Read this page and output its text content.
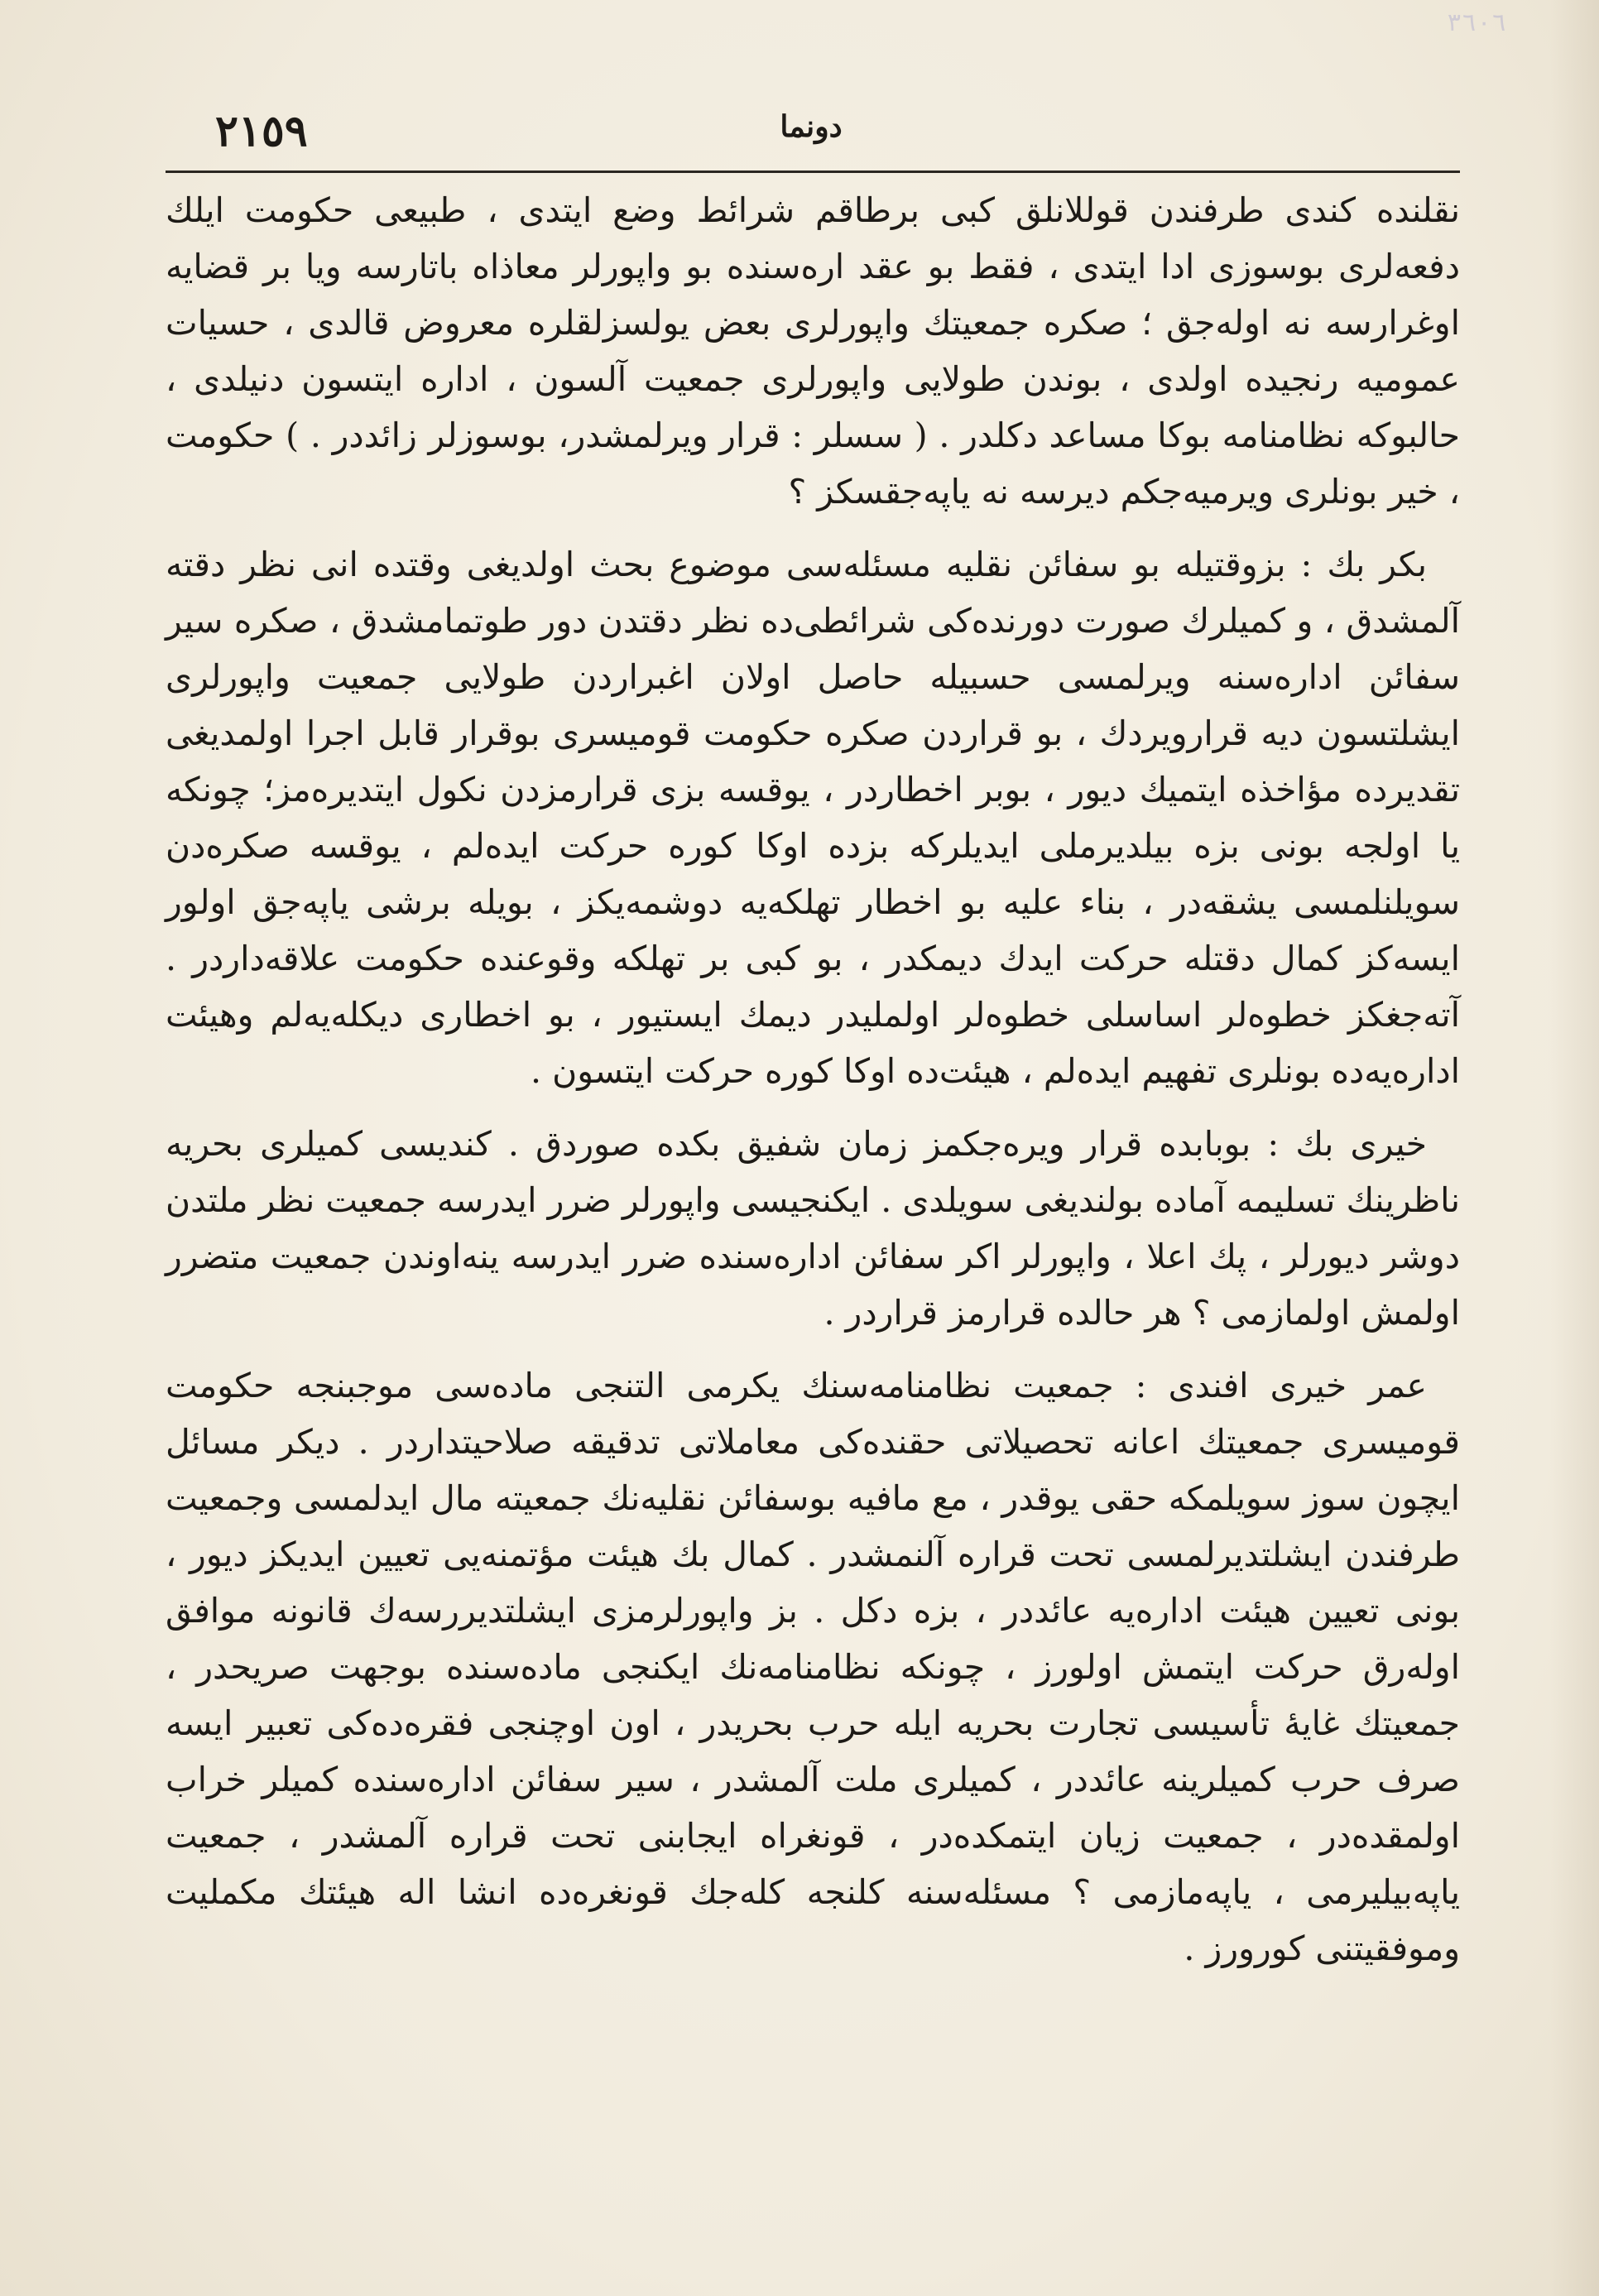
٣٦٠٦
٢١٥٩	دونما

نقلنده کندی طرفندن قوللانلق کبی برطاقم شرائط وضع ایتدی ، طبیعی حکومت ایلك دفعه‌لری بوسوزی ادا ایتدی ، فقط بو عقد اره‌سنده بو واپورلر معاذاه باتارسه ویا بر قضایه اوغرارسه نه اوله‌جق ؛ صکره جمعیتك واپورلری بعض یولسزلقلره معروض قالدی ، حسیات عمومیه رنجیده اولدی ، بوندن طولایی واپورلری جمعیت آلسون ، اداره ایتسون دنیلدی ، حالبوکه نظامنامه بوکا مساعد دکلدر . ( سسلر : قرار ویرلمشدر، بوسوزلر زائددر . ) حکومت ، خیر بونلری ویرمیه‌جکم دیرسه نه یاپه‌جقسکز ؟

بکر بك : بزوقتیله بو سفائن نقلیه مسئله‌سی موضوع بحث اولدیغی وقتده انی نظر دقته آلمشدق ، و کمیلرك صورت دورنده‌کی شرائطی‌ده نظر دقتدن دور طوتمامشدق ، صکره سیر سفائن اداره‌سنه ویرلمسی حسبیله حاصل اولان اغبراردن طولایی جمعیت واپورلری ایشلتسون دیه قرارویردك ، بو قراردن صکره حکومت قومیسری بوقرار قابل اجرا اولمدیغی تقدیرده مؤاخذه ایتمیك دیور ، بوبر اخطاردر ، یوقسه بزی قرارمزدن نکول ایتدیره‌مز؛ چونکه یا اولجه بونی بزه بیلدیرملی ایدیلرکه بزده اوکا کوره حرکت ایده‌لم ، یوقسه صکره‌دن سویلنلمسی یشقه‌در ، بناء علیه بو اخطار تهلکه‌یه دوشمه‌یکز ، بویله برشی یاپه‌جق اولور ایسه‌کز کمال دقتله حرکت ایدك دیمکدر ، بو کبی بر تهلکه وقوعنده حکومت علاقه‌داردر . آته‌جغکز خطوه‌لر اساسلی خطوه‌لر اولملیدر دیمك ایستیور ، بو اخطاری دیکله‌یه‌لم وهیئت اداره‌یه‌ده بونلری تفهیم ایده‌لم ، هیئت‌ده اوکا کوره حرکت ایتسون .

خیری بك : بوبابده قرار ویره‌جکمز زمان شفیق بکده صوردق . کندیسی کمیلری بحریه ناظرینك تسلیمه آماده بولندیغی سویلدی . ایکنجیسی واپورلر ضرر ایدرسه جمعیت نظر ملتدن دوشر دیورلر ، پك اعلا ، واپورلر اکر سفائن اداره‌سنده ضرر ایدرسه ینه‌اوندن جمعیت متضرر اولمش اولمازمی ؟ هر حالده قرارمز قراردر .

عمر خیری افندی : جمعیت نظامنامه‌سنك یکرمی التنجی ماده‌سی موجبنجه حکومت قومیسری جمعیتك اعانه تحصیلاتی حقنده‌کی معاملاتی تدقیقه صلاحیتداردر . دیکر مسائل ایچون سوز سویلمکه حقی یوقدر ، مع مافیه بوسفائن نقلیه‌نك جمعیته مال ایدلمسی وجمعیت طرفندن ایشلتدیرلمسی تحت قراره آلنمشدر . کمال بك هیئت مؤتمنه‌یی تعیین ایدیکز دیور ، بونی تعیین هیئت اداره‌یه عائددر ، بزه دکل . بز واپورلرمزی ایشلتدیررسه‌ك قانونه موافق اوله‌رق حرکت ایتمش اولورز ، چونکه نظامنامه‌نك ایکنجی ماده‌سنده بوجهت صریحدر ، جمعیتك غایهٔ تأسیسی تجارت بحریه ایله حرب بحریدر ، اون اوچنجی فقره‌ده‌کی تعبیر ایسه صرف حرب کمیلرینه عائددر ، کمیلری ملت آلمشدر ، سیر سفائن اداره‌سنده کمیلر خراب اولمقده‌در ، جمعیت زیان ایتمکده‌در ، قونغراه ایجابنی تحت قراره آلمشدر ، جمعیت یاپه‌بیلیرمی ، یاپه‌مازمی ؟ مسئله‌سنه کلنجه کله‌جك قونغره‌ده انشا اله هیئتك مکملیت وموفقیتنی کورورز .
